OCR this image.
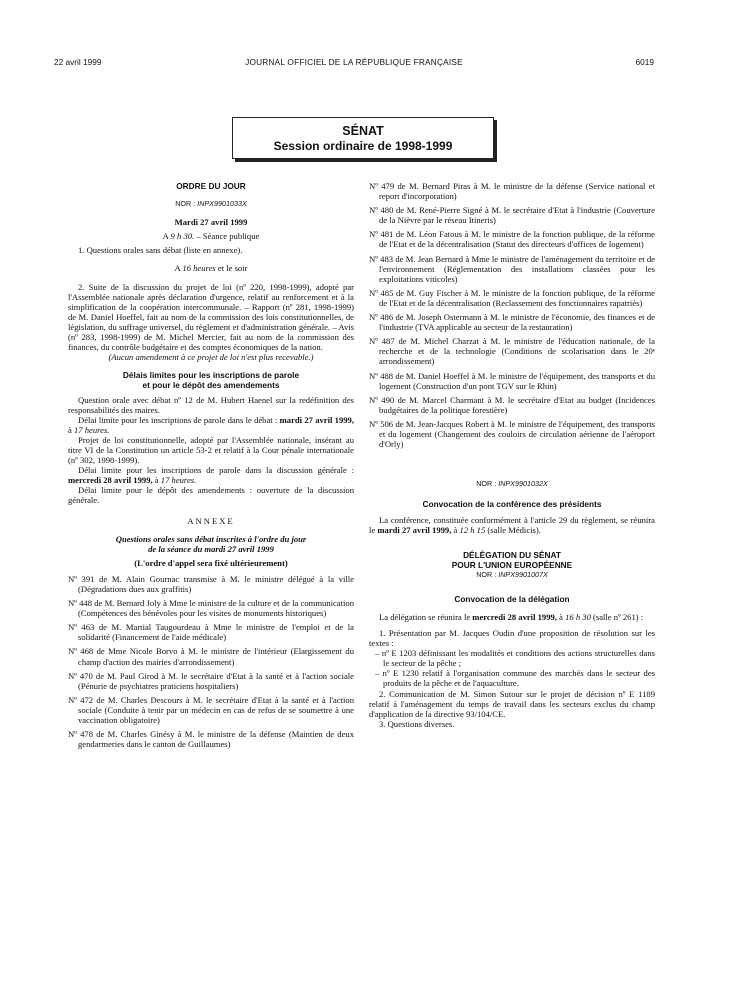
22 avril 1999	JOURNAL OFFICIEL DE LA RÉPUBLIQUE FRANÇAISE	6019
SÉNAT
Session ordinaire de 1998-1999
ORDRE DU JOUR
NOR : INPX9901033X
Mardi 27 avril 1999
A 9 h 30. – Séance publique

1. Questions orales sans débat (liste en annexe).

A 16 heures et le soir

2. Suite de la discussion du projet de loi (nº 220, 1998-1999), adopté par l'Assemblée nationale après déclaration d'urgence, relatif au renforcement et à la simplification de la coopération intercommunale. – Rapport (nº 281, 1998-1999) de M. Daniel Hoeffel, fait au nom de la commission des lois constitutionnelles, de législation, du suffrage universel, du règlement et d'administration générale. – Avis (nº 283, 1998-1999) de M. Michel Mercier, fait au nom de la commission des finances, du contrôle budgétaire et des comptes économiques de la nation.

(Aucun amendement à ce projet de loi n'est plus recevable.)

Délais limites pour les inscriptions de parole
et pour le dépôt des amendements

Question orale avec débat nº 12 de M. Hubert Haenel sur la redéfinition des responsabilités des maires.

Délai limite pour les inscriptions de parole dans le débat : mardi 27 avril 1999, à 17 heures.

Projet de loi constitutionnelle, adopté par l'Assemblée nationale, insérant au titre VI de la Constitution un article 53-2 et relatif à la Cour pénale internationale (nº 302, 1998-1999).

Délai limite pour les inscriptions de parole dans la discussion générale : mercredi 28 avril 1999, à 17 heures.

Délai limite pour le dépôt des amendements : ouverture de la discussion générale.

ANNEXE
Questions orales sans débat inscrites à l'ordre du jour
de la séance du mardi 27 avril 1999
(L'ordre d'appel sera fixé ultérieurement)

Nº 391 de M. Alain Gournac transmise à M. le ministre délégué à la ville (Dégradations dues aux graffitis)

Nº 448 de M. Bernard Joly à Mme le ministre de la culture et de la communication (Compétences des bénévoles pour les visites de monuments historiques)

Nº 463 de M. Martial Taugourdeau à Mme le ministre de l'emploi et de la solidarité (Financement de l'aide médicale)

Nº 468 de Mme Nicole Borvo à M. le ministre de l'intérieur (Elargissement du champ d'action des mairies d'arrondissement)

Nº 470 de M. Paul Girod à M. le secrétaire d'Etat à la santé et à l'action sociale (Pénurie de psychiatres praticiens hospitaliers)

Nº 472 de M. Charles Descours à M. le secrétaire d'Etat à la santé et à l'action sociale (Conduite à tenir par un médecin en cas de refus de se soumettre à une vaccination obligatoire)

Nº 478 de M. Charles Ginésy à M. le ministre de la défense (Maintien de deux gendarmeries dans le canton de Guillaumes)

Nº 479 de M. Bernard Piras à M. le ministre de la défense (Service national et report d'incorporation)

Nº 480 de M. René-Pierre Signé à M. le secrétaire d'Etat à l'industrie (Couverture de la Nièvre par le réseau Itineris)

Nº 481 de M. Léon Fatous à M. le ministre de la fonction publique, de la réforme de l'Etat et de la décentralisation (Statut des directeurs d'offices de logement)

Nº 483 de M. Jean Bernard à Mme le ministre de l'aménagement du territoire et de l'environnement (Réglementation des installations classées pour les exploitations viticoles)

Nº 485 de M. Guy Fischer à M. le ministre de la fonction publique, de la réforme de l'Etat et de la décentralisation (Reclassement des fonctionnaires rapatriés)

Nº 486 de M. Joseph Ostermann à M. le ministre de l'économie, des finances et de l'industrie (TVA applicable au secteur de la restauration)

Nº 487 de M. Michel Charzat à M. le ministre de l'éducation nationale, de la recherche et de la technologie (Conditions de scolarisation dans le 20ᵉ arrondissement)

Nº 488 de M. Daniel Hoeffel à M. le ministre de l'équipement, des transports et du logement (Construction d'un pont TGV sur le Rhin)

Nº 490 de M. Marcel Charmant à M. le secrétaire d'Etat au budget (Incidences budgétaires de la politique forestière)

Nº 506 de M. Jean-Jacques Robert à M. le ministre de l'équipement, des transports et du logement (Changement des couloirs de circulation aérienne de l'aéroport d'Orly)

NOR : INPX9901032X
Convocation de la conférence des présidents

La conférence, constituée conformément à l'article 29 du règlement, se réunira le mardi 27 avril 1999, à 12 h 15 (salle Médicis).

DÉLÉGATION DU SÉNAT
POUR L'UNION EUROPÉENNE
NOR : INPX9901007X
Convocation de la délégation

La délégation se réunira le mercredi 28 avril 1999, à 16 h 30 (salle nº 261) :

1. Présentation par M. Jacques Oudin d'une proposition de résolution sur les textes :

– nº E 1203 définissant les modalités et conditions des actions structurelles dans le secteur de la pêche ;

– nº E 1230 relatif à l'organisation commune des marchés dans le secteur des produits de la pêche et de l'aquaculture.

2. Communication de M. Simon Sutour sur le projet de décision nº E 1189 relatif à l'aménagement du temps de travail dans les secteurs exclus du champ d'application de la directive 93/104/CE.

3. Questions diverses.
